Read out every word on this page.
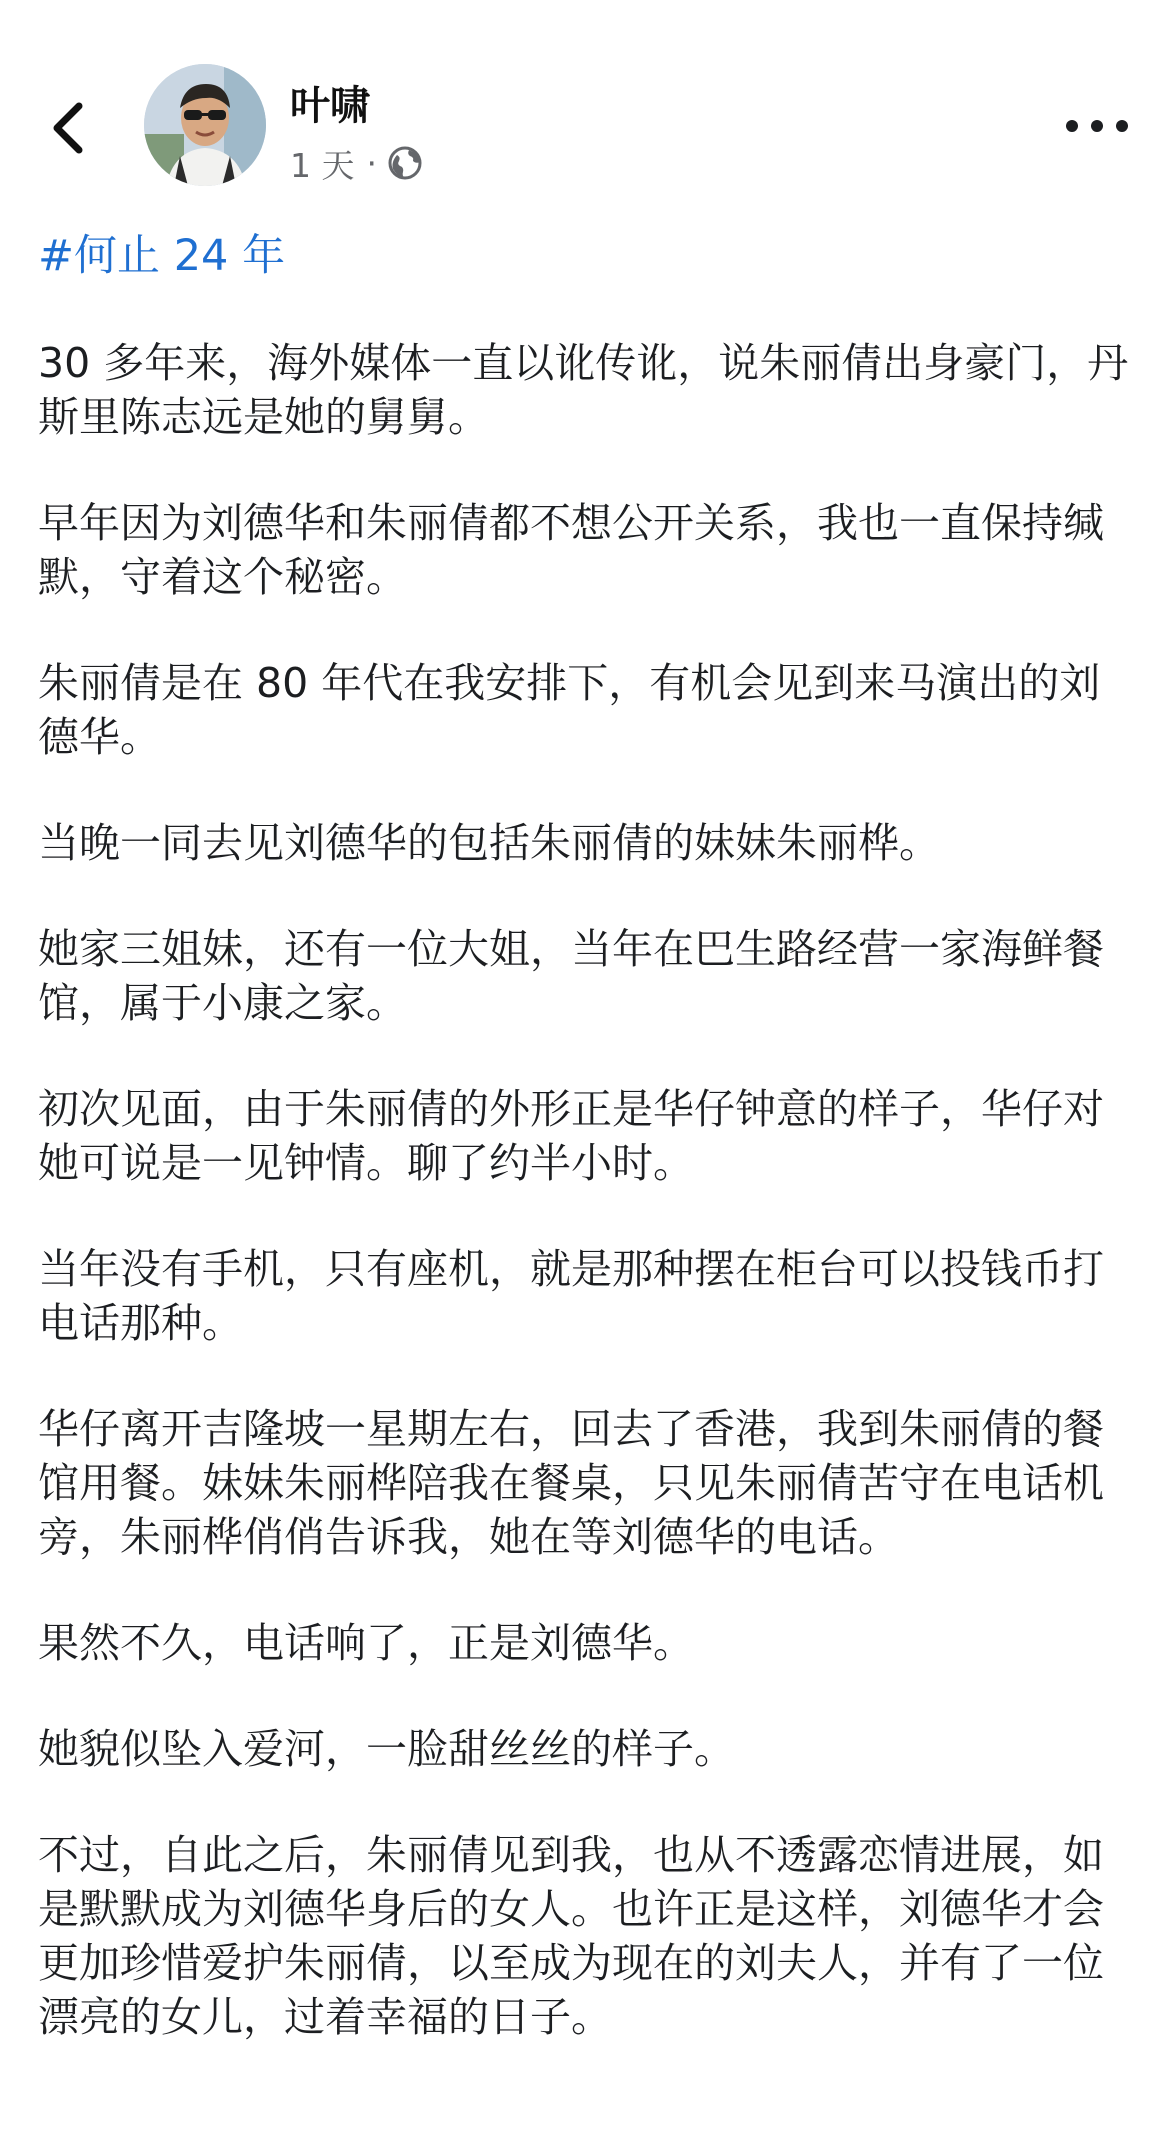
叶啸
1 天 ·
#何止 24 年

30 多年来，海外媒体一直以讹传讹，说朱丽倩出身豪门，丹斯里陈志远是她的舅舅。

早年因为刘德华和朱丽倩都不想公开关系，我也一直保持缄默，守着这个秘密。

朱丽倩是在 80 年代在我安排下，有机会见到来马演出的刘德华。

当晚一同去见刘德华的包括朱丽倩的妹妹朱丽桦。

她家三姐妹，还有一位大姐，当年在巴生路经营一家海鲜餐馆，属于小康之家。

初次见面，由于朱丽倩的外形正是华仔钟意的样子，华仔对她可说是一见钟情。聊了约半小时。

当年没有手机，只有座机，就是那种摆在柜台可以投钱币打电话那种。

华仔离开吉隆坡一星期左右，回去了香港，我到朱丽倩的餐馆用餐。妹妹朱丽桦陪我在餐桌，只见朱丽倩苦守在电话机旁，朱丽桦俏俏告诉我，她在等刘德华的电话。

果然不久，电话响了，正是刘德华。

她貌似坠入爱河，一脸甜丝丝的样子。

不过，自此之后，朱丽倩见到我，也从不透露恋情进展，如是默默成为刘德华身后的女人。也许正是这样，刘德华才会更加珍惜爱护朱丽倩，以至成为现在的刘夫人，并有了一位漂亮的女儿，过着幸福的日子。
